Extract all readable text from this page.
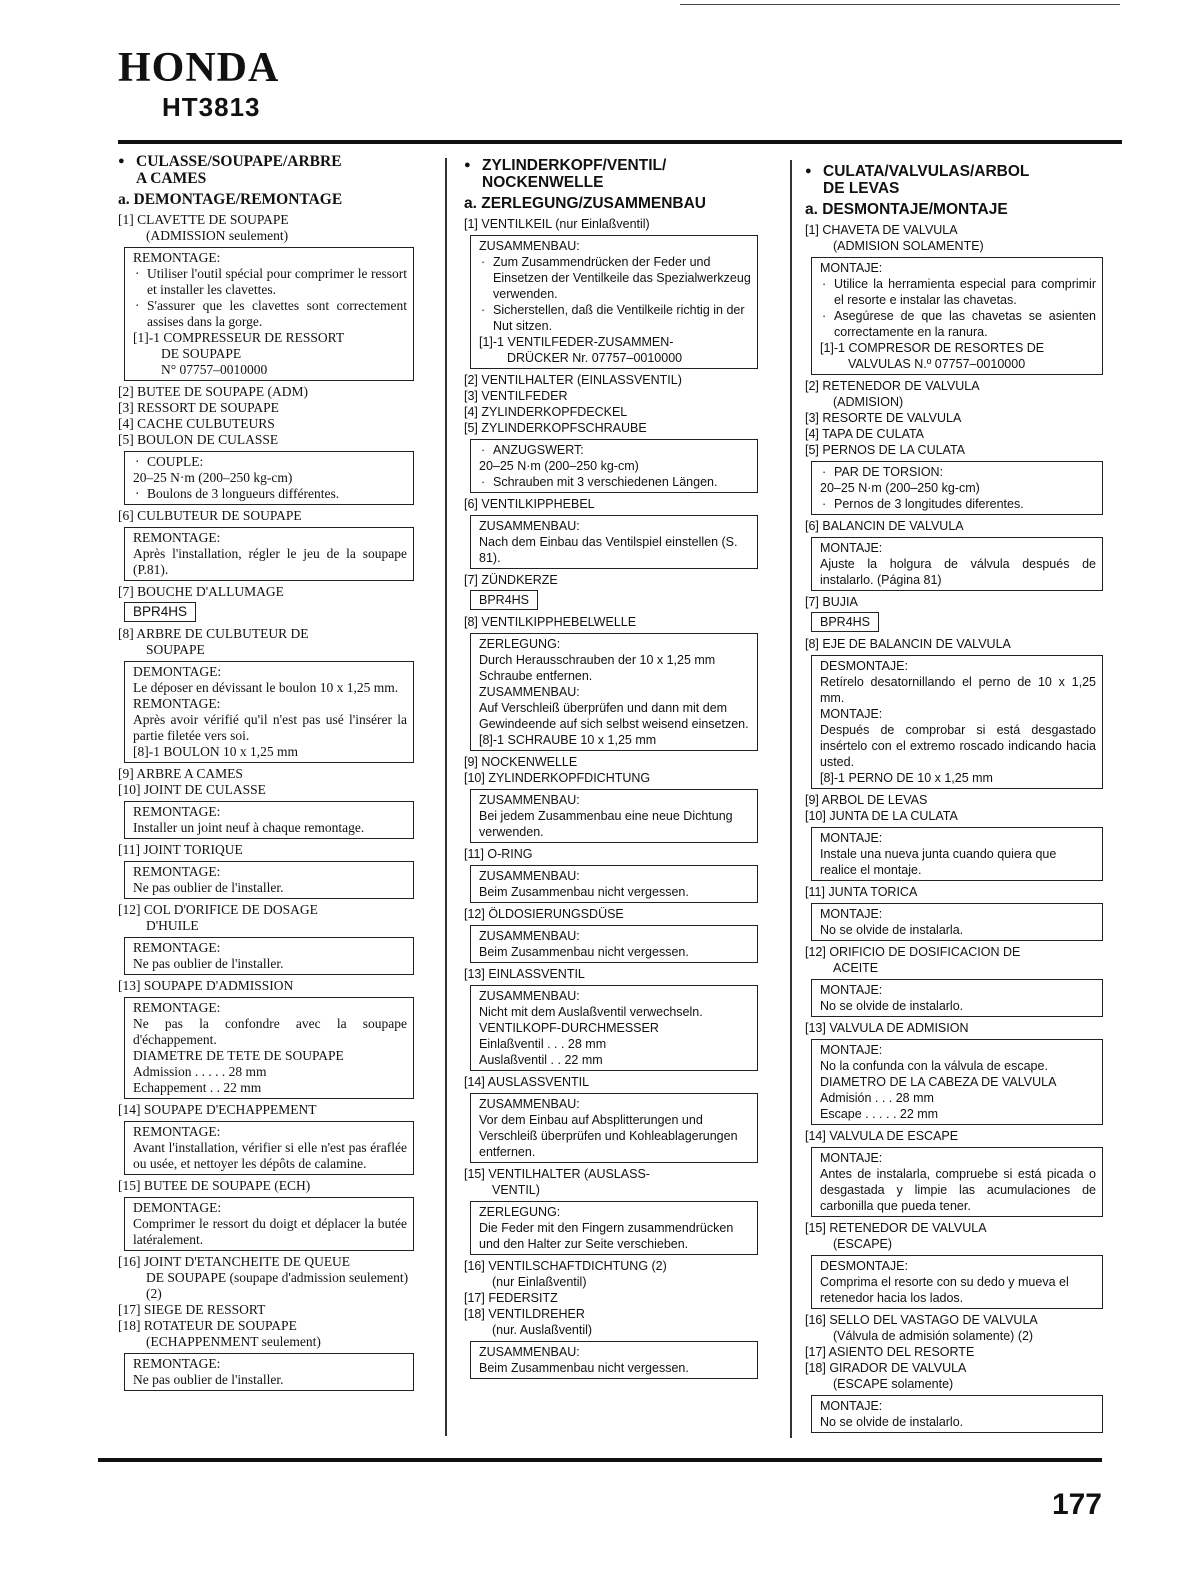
HONDA
HT3813
● CULASSE/SOUPAPE/ARBRE
A CAMES
a. DEMONTAGE/REMONTAGE
[1] CLAVETTE DE SOUPAPE
(ADMISSION seulement)
REMONTAGE:
· Utiliser l'outil spécial pour comprimer le ressort et installer les clavettes.
· S'assurer que les clavettes sont correctement assises dans la gorge.
[1]-1 COMPRESSEUR DE RESSORT
DE SOUPAPE
N° 07757–0010000
[2] BUTEE DE SOUPAPE (ADM)
[3] RESSORT DE SOUPAPE
[4] CACHE CULBUTEURS
[5] BOULON DE CULASSE
· COUPLE:
20–25 N·m (200–250 kg-cm)
· Boulons de 3 longueurs différentes.
[6] CULBUTEUR DE SOUPAPE
REMONTAGE:
Après l'installation, régler le jeu de la soupape (P.81).
[7] BOUCHE D'ALLUMAGE
BPR4HS
[8] ARBRE DE CULBUTEUR DE
SOUPAPE
DEMONTAGE:
Le déposer en dévissant le boulon 10 x 1,25 mm.
REMONTAGE:
Après avoir vérifié qu'il n'est pas usé l'insérer la partie filetée vers soi.
[8]-1 BOULON 10 x 1,25 mm
[9] ARBRE A CAMES
[10] JOINT DE CULASSE
REMONTAGE:
Installer un joint neuf à chaque remontage.
[11] JOINT TORIQUE
REMONTAGE:
Ne pas oublier de l'installer.
[12] COL D'ORIFICE DE DOSAGE
D'HUILE
REMONTAGE:
Ne pas oublier de l'installer.
[13] SOUPAPE D'ADMISSION
REMONTAGE:
Ne pas la confondre avec la soupape d'échappement.
DIAMETRE DE TETE DE SOUPAPE
Admission . . . . . 28 mm
Echappement . . 22 mm
[14] SOUPAPE D'ECHAPPEMENT
REMONTAGE:
Avant l'installation, vérifier si elle n'est pas éraflée ou usée, et nettoyer les dépôts de calamine.
[15] BUTEE DE SOUPAPE (ECH)
DEMONTAGE:
Comprimer le ressort du doigt et déplacer la butée latéralement.
[16] JOINT D'ETANCHEITE DE QUEUE
DE SOUPAPE (soupape d'admission seulement) (2)
[17] SIEGE DE RESSORT
[18] ROTATEUR DE SOUPAPE
(ECHAPPENMENT seulement)
REMONTAGE:
Ne pas oublier de l'installer.
● ZYLINDERKOPF/VENTIL/
NOCKENWELLE
a. ZERLEGUNG/ZUSAMMENBAU
[1] VENTILKEIL (nur Einlaßventil)
ZUSAMMENBAU:
· Zum Zusammendrücken der Feder und Einsetzen der Ventilkeile das Spezialwerkzeug verwenden.
· Sicherstellen, daß die Ventilkeile richtig in der Nut sitzen.
[1]-1 VENTILFEDER-ZUSAMMEN-
DRÜCKER Nr. 07757–0010000
[2] VENTILHALTER (EINLASSVENTIL)
[3] VENTILFEDER
[4] ZYLINDERKOPFDECKEL
[5] ZYLINDERKOPFSCHRAUBE
· ANZUGSWERT:
20–25 N·m (200–250 kg-cm)
· Schrauben mit 3 verschiedenen Längen.
[6] VENTILKIPPHEBEL
ZUSAMMENBAU:
Nach dem Einbau das Ventilspiel einstellen (S. 81).
[7] ZÜNDKERZE
BPR4HS
[8] VENTILKIPPHEBELWELLE
ZERLEGUNG:
Durch Herausschrauben der 10 x 1,25 mm Schraube entfernen.
ZUSAMMENBAU:
Auf Verschleiß überprüfen und dann mit dem Gewindeende auf sich selbst weisend einsetzen.
[8]-1 SCHRAUBE 10 x 1,25 mm
[9] NOCKENWELLE
[10] ZYLINDERKOPFDICHTUNG
ZUSAMMENBAU:
Bei jedem Zusammenbau eine neue Dichtung verwenden.
[11] O-RING
ZUSAMMENBAU:
Beim Zusammenbau nicht vergessen.
[12] ÖLDOSIERUNGSDÜSE
ZUSAMMENBAU:
Beim Zusammenbau nicht vergessen.
[13] EINLASSVENTIL
ZUSAMMENBAU:
Nicht mit dem Auslaßventil verwechseln.
VENTILKOPF-DURCHMESSER
Einlaßventil . . . 28 mm
Auslaßventil . . 22 mm
[14] AUSLASSVENTIL
ZUSAMMENBAU:
Vor dem Einbau auf Absplitterungen und Verschleiß überprüfen und Kohleablagerungen entfernen.
[15] VENTILHALTER (AUSLASS-
VENTIL)
ZERLEGUNG:
Die Feder mit den Fingern zusammendrücken und den Halter zur Seite verschieben.
[16] VENTILSCHAFTDICHTUNG (2)
(nur Einlaßventil)
[17] FEDERSITZ
[18] VENTILDREHER
(nur. Auslaßventil)
ZUSAMMENBAU:
Beim Zusammenbau nicht vergessen.
● CULATA/VALVULAS/ARBOL
DE LEVAS
a. DESMONTAJE/MONTAJE
[1] CHAVETA DE VALVULA
(ADMISION SOLAMENTE)
MONTAJE:
· Utilice la herramienta especial para comprimir el resorte e instalar las chavetas.
· Asegúrese de que las chavetas se asienten correctamente en la ranura.
[1]-1 COMPRESOR DE RESORTES DE
VALVULAS N.º 07757–0010000
[2] RETENEDOR DE VALVULA
(ADMISION)
[3] RESORTE DE VALVULA
[4] TAPA DE CULATA
[5] PERNOS DE LA CULATA
· PAR DE TORSION:
20–25 N·m (200–250 kg-cm)
· Pernos de 3 longitudes diferentes.
[6] BALANCIN DE VALVULA
MONTAJE:
Ajuste la holgura de válvula después de instalarlo. (Página 81)
[7] BUJIA
BPR4HS
[8] EJE DE BALANCIN DE VALVULA
DESMONTAJE:
Retírelo desatornillando el perno de 10 x 1,25 mm.
MONTAJE:
Después de comprobar si está desgastado insértelo con el extremo roscado indicando hacia usted.
[8]-1 PERNO DE 10 x 1,25 mm
[9] ARBOL DE LEVAS
[10] JUNTA DE LA CULATA
MONTAJE:
Instale una nueva junta cuando quiera que realice el montaje.
[11] JUNTA TORICA
MONTAJE:
No se olvide de instalarla.
[12] ORIFICIO DE DOSIFICACION DE
ACEITE
MONTAJE:
No se olvide de instalarlo.
[13] VALVULA DE ADMISION
MONTAJE:
No la confunda con la válvula de escape.
DIAMETRO DE LA CABEZA DE VALVULA
Admisión . . . 28 mm
Escape . . . . . 22 mm
[14] VALVULA DE ESCAPE
MONTAJE:
Antes de instalarla, compruebe si está picada o desgastada y limpie las acumulaciones de carbonilla que pueda tener.
[15] RETENEDOR DE VALVULA
(ESCAPE)
DESMONTAJE:
Comprima el resorte con su dedo y mueva el retenedor hacia los lados.
[16] SELLO DEL VASTAGO DE VALVULA
(Válvula de admisión solamente) (2)
[17] ASIENTO DEL RESORTE
[18] GIRADOR DE VALVULA
(ESCAPE solamente)
MONTAJE:
No se olvide de instalarlo.
177
